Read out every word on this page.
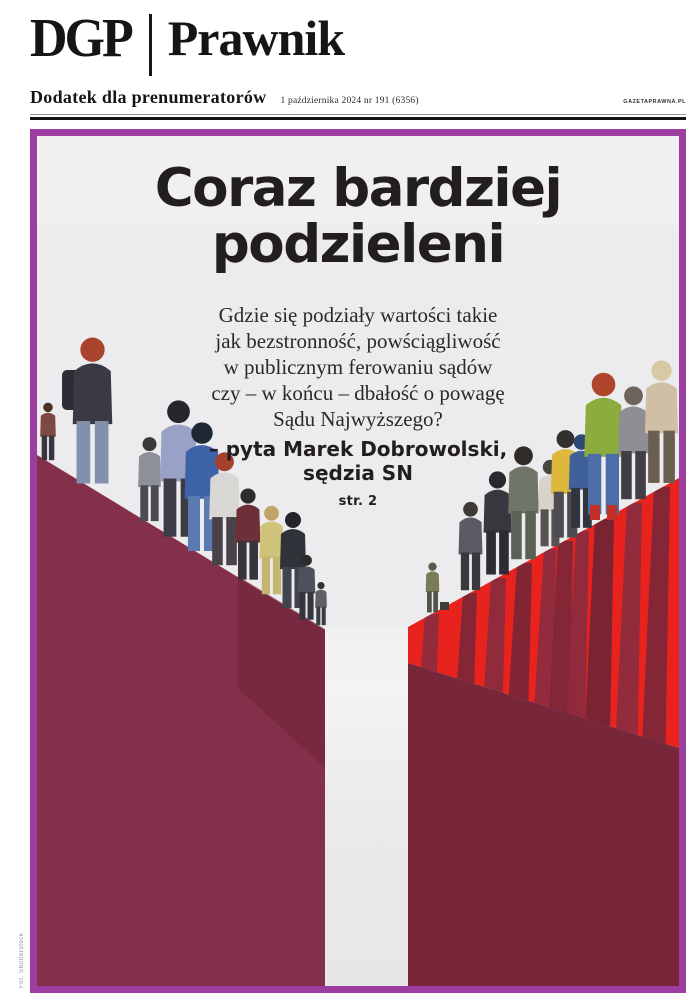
DGP Prawnik
Dodatek dla prenumeratorów 1 października 2024 nr 191 (6356)	GAZETAPRAWNA.PL
Coraz bardziej
podzieleni
Gdzie się podziały wartości takie
jak bezstronność, powściągliwość
w publicznym ferowaniu sądów
czy – w końcu – dbałość o powagę
Sądu Najwyższego?
– pyta Marek Dobrowolski,
sędzia SN
str. 2
Fot. Shutterstock
